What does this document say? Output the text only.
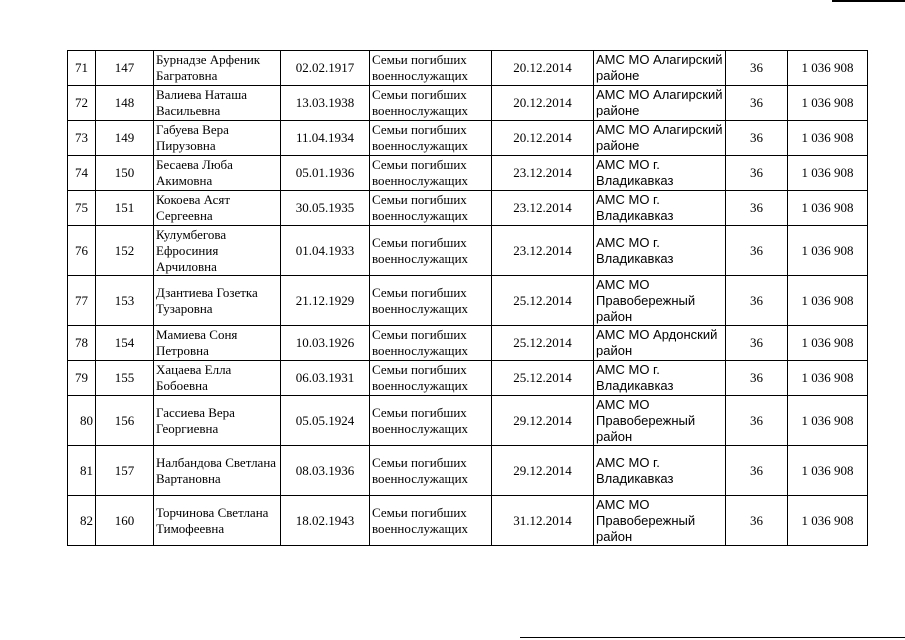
71	147	Бурнадзе Арфеник Багратовна	02.02.1917	Семьи погибших военнослужащих	20.12.2014	АМС МО Алагирский районе	36	1 036 908
72	148	Валиева Наташа Васильевна	13.03.1938	Семьи погибших военнослужащих	20.12.2014	АМС МО Алагирский районе	36	1 036 908
73	149	Габуева Вера Пирузовна	11.04.1934	Семьи погибших военнослужащих	20.12.2014	АМС МО Алагирский районе	36	1 036 908
74	150	Бесаева Люба Акимовна	05.01.1936	Семьи погибших военнослужащих	23.12.2014	АМС МО г. Владикавказ	36	1 036 908
75	151	Кокоева Асят Сергеевна	30.05.1935	Семьи погибших военнослужащих	23.12.2014	АМС МО г. Владикавказ	36	1 036 908
76	152	Кулумбегова Ефросиния Арчиловна	01.04.1933	Семьи погибших военнослужащих	23.12.2014	АМС МО г. Владикавказ	36	1 036 908
77	153	Дзантиева Гозетка Тузаровна	21.12.1929	Семьи погибших военнослужащих	25.12.2014	АМС МО Правобережный район	36	1 036 908
78	154	Мамиева Соня Петровна	10.03.1926	Семьи погибших военнослужащих	25.12.2014	АМС МО Ардонский район	36	1 036 908
79	155	Хацаева Елла Бобоевна	06.03.1931	Семьи погибших военнослужащих	25.12.2014	АМС МО г. Владикавказ	36	1 036 908
80	156	Гассиева Вера Георгиевна	05.05.1924	Семьи погибших военнослужащих	29.12.2014	АМС МО Правобережный район	36	1 036 908
81	157	Налбандова Светлана Вартановна	08.03.1936	Семьи погибших военнослужащих	29.12.2014	АМС МО г. Владикавказ	36	1 036 908
82	160	Торчинова Светлана Тимофеевна	18.02.1943	Семьи погибших военнослужащих	31.12.2014	АМС МО Правобережный район	36	1 036 908
